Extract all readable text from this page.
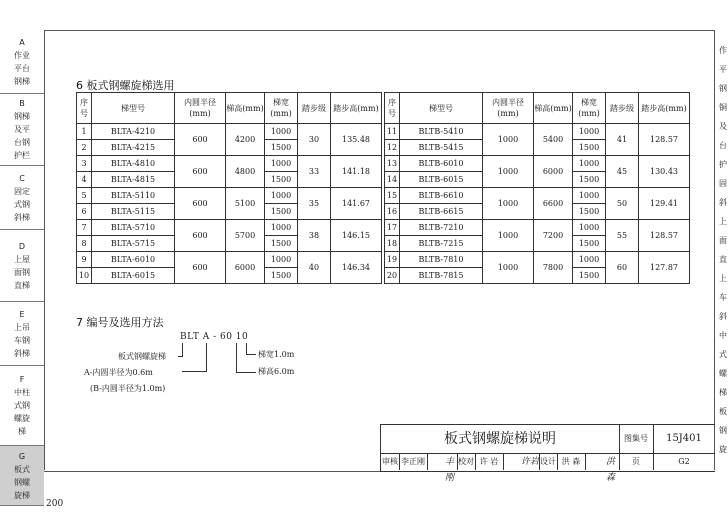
A
作业
平台
钢梯
B
钢梯
及平
台钢
护栏
C
固定
式钢
斜梯
D
上屋
面钢
直梯
E
上吊
车钢
斜梯
F
中柱
式钢
螺旋
梯
G
板式
钢螺
旋梯
作
平
钢
铜
及
台
护
固
斜
上
面
直
上
车
斜
中
式
螺
梯
板
钢
旋
6 板式钢螺旋梯选用
序号	梯型号	内圆半径(mm)	梯高(mm)	梯宽(mm)	踏步级	踏步高(mm)		序号	梯型号	内圆半径(mm)	梯高(mm)	梯宽(mm)	踏步级	踏步高(mm)
1	BLTA-4210	600	4200	1000	30	135.48		11	BLTB-5410	1000	5400	1000	41	128.57
2	BLTA-4215			1500				12	BLTB-5415			1500		
3	BLTA-4810	600	4800	1000	33	141.18		13	BLTB-6010	1000	6000	1000	45	130.43
4	BLTA-4815			1500				14	BLTB-6015			1500		
5	BLTA-5110	600	5100	1000	35	141.67		15	BLTB-6610	1000	6600	1000	50	129.41
6	BLTA-5115			1500				16	BLTB-6615			1500		
7	BLTA-5710	600	5700	1000	38	146.15		17	BLTB-7210	1000	7200	1000	55	128.57
8	BLTA-5715			1500				18	BLTB-7215			1500		
9	BLTA-6010	600	6000	1000	40	146.34		19	BLTB-7810	1000	7800	1000	60	127.87
10	BLTA-6015			1500				20	BLTB-7815			1500		
7 编号及选用方法
BLT A - 60 10
板式钢螺旋梯
A-内圆半径为0.6m
(B-内圆半径为1.0m)
梯宽1.0m
梯高6.0m
板式钢螺旋梯说明	图集号	15J401
审核 李正刚	丰刚
校对 许 岩	许岩 设计 洪 森	洪森
页	G2
200
